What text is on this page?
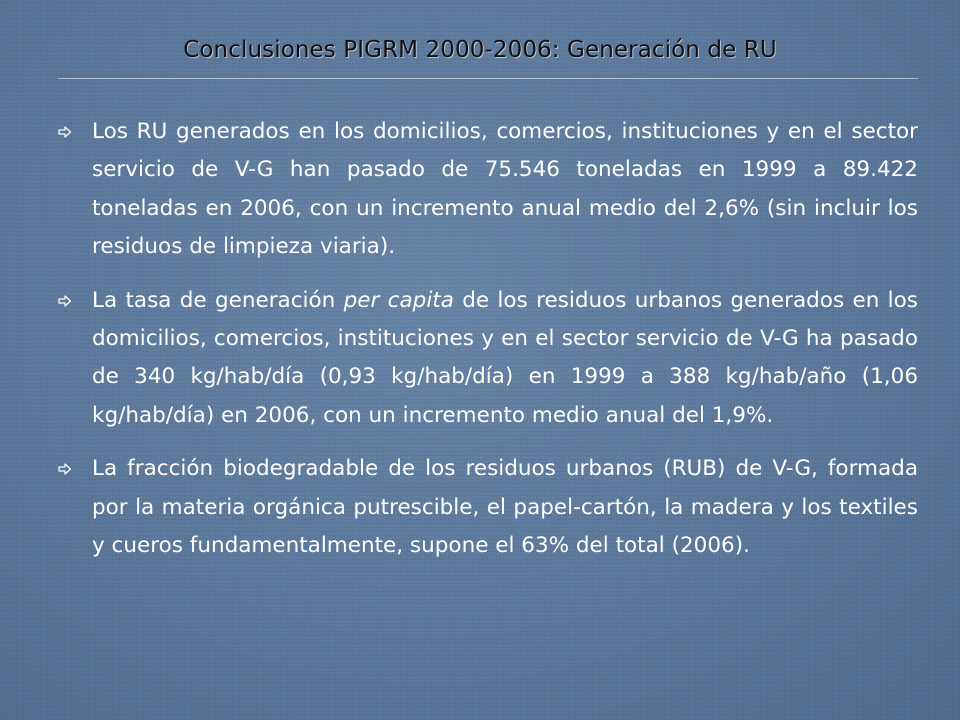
Conclusiones PIGRM 2000-2006: Generación de RU
Los RU generados en los domicilios, comercios, instituciones y en el sector servicio de V-G han pasado de 75.546 toneladas en 1999 a 89.422 toneladas en 2006, con un incremento anual medio del 2,6% (sin incluir los residuos de limpieza viaria).
La tasa de generación per capita de los residuos urbanos generados en los domicilios, comercios, instituciones y en el sector servicio de V-G ha pasado de 340 kg/hab/día (0,93 kg/hab/día) en 1999 a 388 kg/hab/año (1,06 kg/hab/día) en 2006, con un incremento medio anual del 1,9%.
La fracción biodegradable de los residuos urbanos (RUB) de V-G, formada por la materia orgánica putrescible, el papel-cartón, la madera y los textiles y cueros fundamentalmente, supone el 63% del total (2006).
